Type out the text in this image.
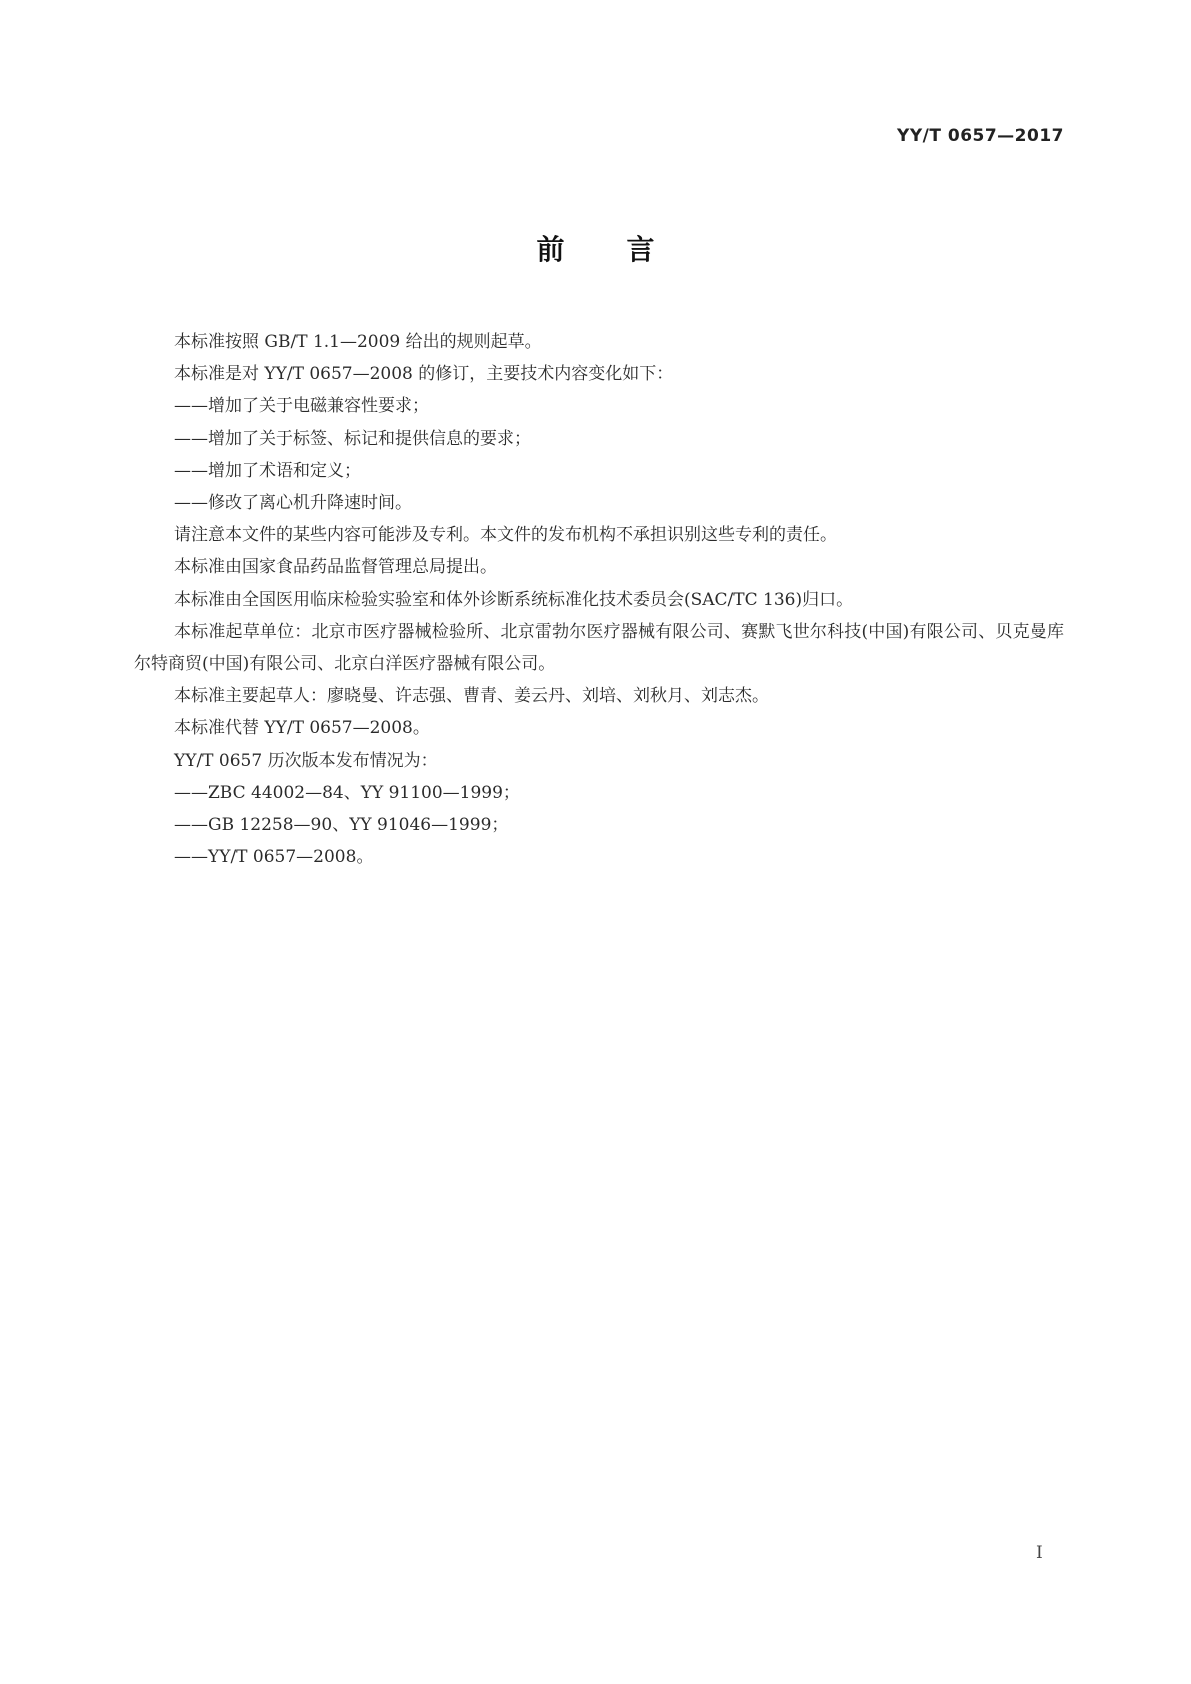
YY/T 0657—2017
前言

本标准按照 GB/T 1.1—2009 给出的规则起草。

本标准是对 YY/T 0657—2008 的修订，主要技术内容变化如下：

——增加了关于电磁兼容性要求；

——增加了关于标签、标记和提供信息的要求；

——增加了术语和定义；

——修改了离心机升降速时间。

请注意本文件的某些内容可能涉及专利。本文件的发布机构不承担识别这些专利的责任。

本标准由国家食品药品监督管理总局提出。

本标准由全国医用临床检验实验室和体外诊断系统标准化技术委员会(SAC/TC 136)归口。

本标准起草单位：北京市医疗器械检验所、北京雷勃尔医疗器械有限公司、赛默飞世尔科技(中国)有限公司、贝克曼库尔特商贸(中国)有限公司、北京白洋医疗器械有限公司。

本标准主要起草人：廖晓曼、许志强、曹青、姜云丹、刘培、刘秋月、刘志杰。

本标准代替 YY/T 0657—2008。

YY/T 0657 历次版本发布情况为：

——ZBC 44002—84、YY 91100—1999；

——GB 12258—90、YY 91046—1999；

——YY/T 0657—2008。

I
